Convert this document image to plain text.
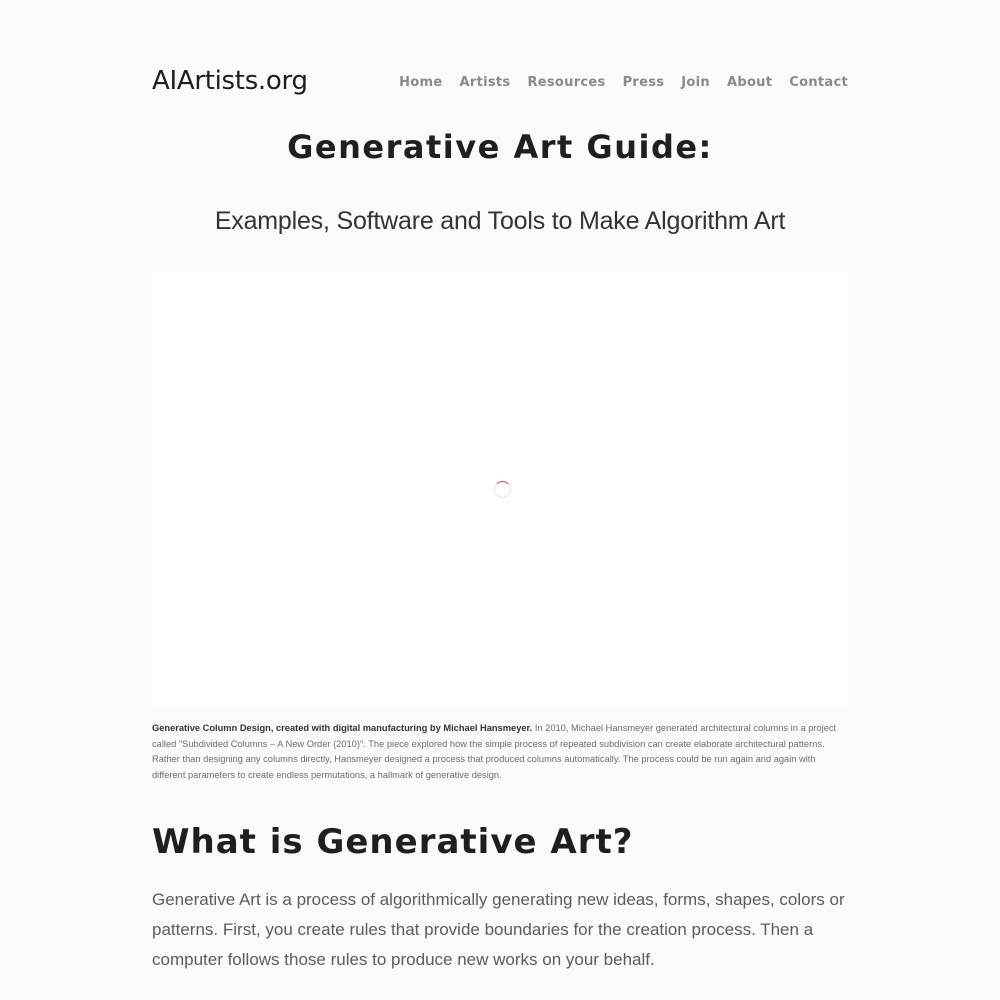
AIArtists.org	Home Artists Resources Press Join About Contact
Generative Art Guide:
Examples, Software and Tools to Make Algorithm Art

Generative Column Design, created with digital manufacturing by Michael Hansmeyer. In 2010, Michael Hansmeyer generated architectural columns in a project called "Subdivided Columns – A New Order (2010)". The piece explored how the simple process of repeated subdivision can create elaborate architectural patterns. Rather than designing any columns directly, Hansmeyer designed a process that produced columns automatically. The process could be run again and again with different parameters to create endless permutations, a hallmark of generative design.

What is Generative Art?

Generative Art is a process of algorithmically generating new ideas, forms, shapes, colors or patterns. First, you create rules that provide boundaries for the creation process. Then a computer follows those rules to produce new works on your behalf.
